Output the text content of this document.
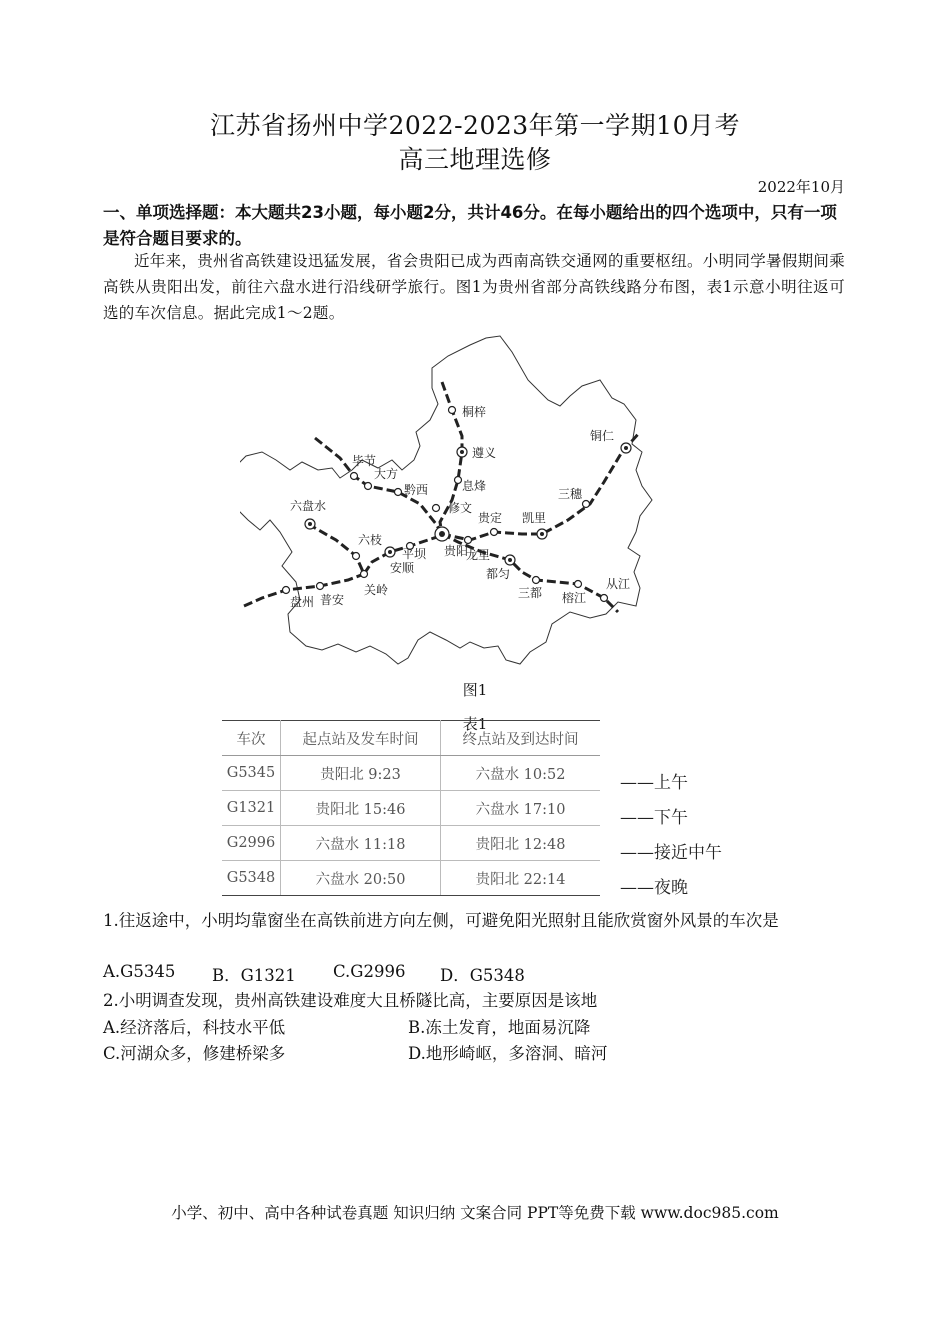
江苏省扬州中学2022-2023年第一学期10月考
高三地理选修
2022年10月
一、单项选择题：本大题共23小题，每小题2分，共计46分。在每小题给出的四个选项中，只有一项是符合题目要求的。
近年来，贵州省高铁建设迅猛发展，省会贵阳已成为西南高铁交通网的重要枢纽。小明同学暑假期间乘高铁从贵阳出发，前往六盘水进行沿线研学旅行。图1为贵州省部分高铁线路分布图，表1示意小明往返可选的车次信息。据此完成1～2题。
桐梓
遵义
毕节
大方
黔西	息烽
修文
六盘水
六枝
平坝
安顺
贵阳
贵定
龙里
凯里
三穗
铜仁
都匀
三都 榕江
从江
关岭
普安
盘州
图1
表1
车次	起点站及发车时间	终点站及到达时间
G5345	贵阳北 9:23	六盘水 10:52
G1321	贵阳北 15:46	六盘水 17:10
G2996	六盘水 11:18	贵阳北 12:48
G5348	六盘水 20:50	贵阳北 22:14
——上午
——下午
——接近中午
——夜晚
1.往返途中，小明均靠窗坐在高铁前进方向左侧，可避免阳光照射且能欣赏窗外风景的车次是
A.G5345 B．G1321 C.G2996 D．G5348
2.小明调查发现，贵州高铁建设难度大且桥隧比高，主要原因是该地
A.经济落后，科技水平低	B.冻土发育，地面易沉降
C.河湖众多，修建桥梁多	D.地形崎岖，多溶洞、暗河
小学、初中、高中各种试卷真题 知识归纳 文案合同 PPT等免费下载 www.doc985.com
